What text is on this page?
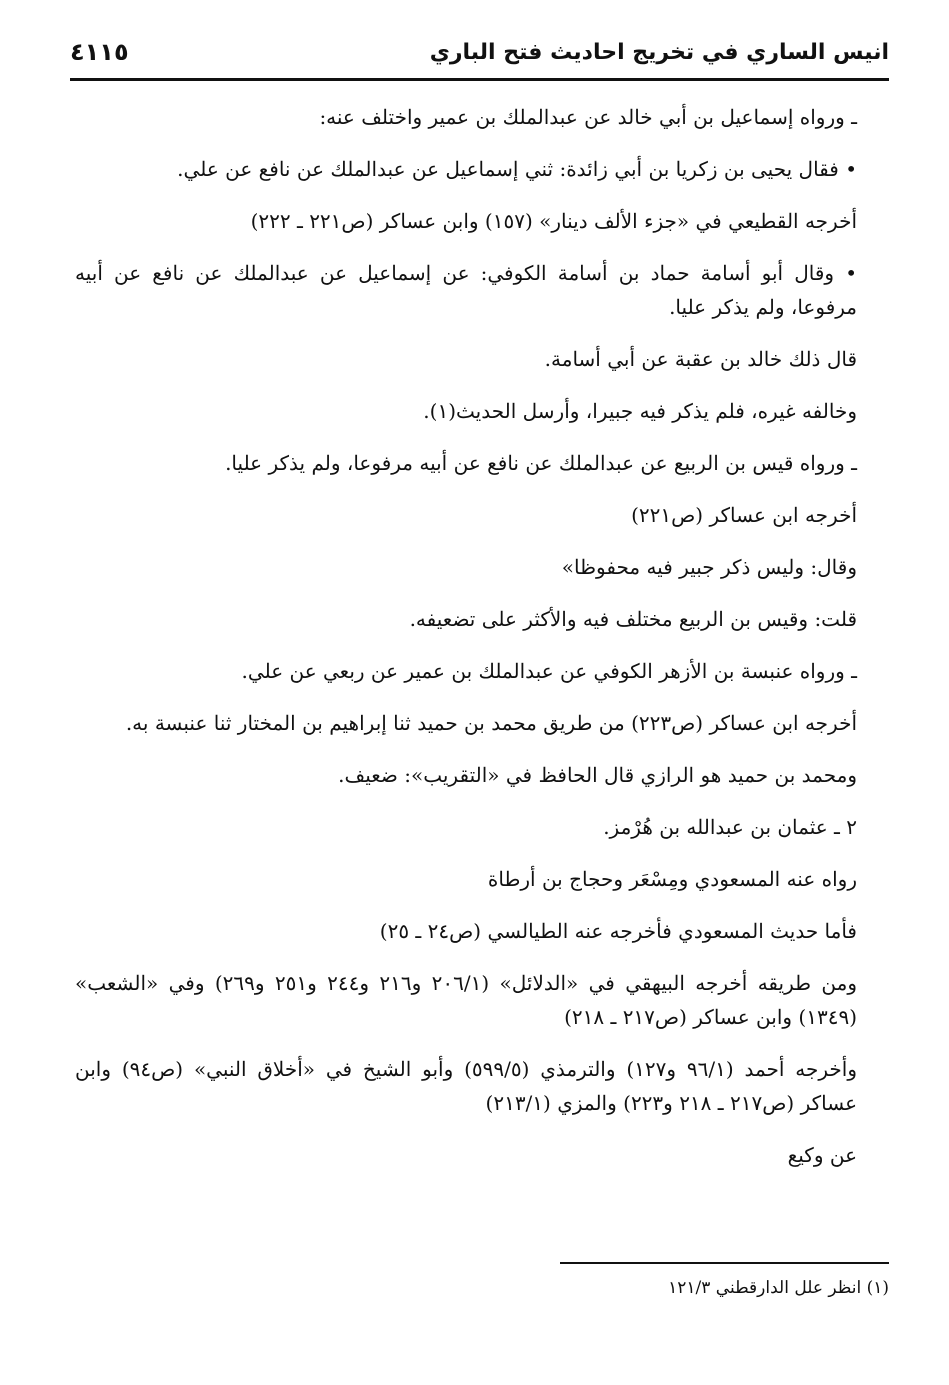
انيس الساري في تخريج احاديث فتح الباري
٤١١٥

ـ ورواه إسماعيل بن أبي خالد عن عبدالملك بن عمير واختلف عنه:

• فقال يحيى بن زكريا بن أبي زائدة: ثني إسماعيل عن عبدالملك عن نافع عن علي.

أخرجه القطيعي في «جزء الألف دينار» (١٥٧) وابن عساكر (ص٢٢١ ـ ٢٢٢)

• وقال أبو أسامة حماد بن أسامة الكوفي: عن إسماعيل عن عبدالملك عن نافع عن أبيه مرفوعا، ولم يذكر عليا.

قال ذلك خالد بن عقبة عن أبي أسامة.

وخالفه غيره، فلم يذكر فيه جبيرا، وأرسل الحديث(١).

ـ ورواه قيس بن الربيع عن عبدالملك عن نافع عن أبيه مرفوعا، ولم يذكر عليا.

أخرجه ابن عساكر (ص٢٢١)

وقال: وليس ذكر جبير فيه محفوظا»

قلت: وقيس بن الربيع مختلف فيه والأكثر على تضعيفه.

ـ ورواه عنبسة بن الأزهر الكوفي عن عبدالملك بن عمير عن ربعي عن علي.

أخرجه ابن عساكر (ص٢٢٣) من طريق محمد بن حميد ثنا إبراهيم بن المختار ثنا عنبسة به.

ومحمد بن حميد هو الرازي قال الحافظ في «التقريب»: ضعيف.

٢ ـ عثمان بن عبدالله بن هُرْمز.

رواه عنه المسعودي ومِسْعَر وحجاج بن أرطاة

فأما حديث المسعودي فأخرجه عنه الطيالسي (ص٢٤ ـ ٢٥)

ومن طريقه أخرجه البيهقي في «الدلائل» (٢٠٦/١ و٢١٦ و٢٤٤ و٢٥١ و٢٦٩) وفي «الشعب» (١٣٤٩) وابن عساكر (ص٢١٧ ـ ٢١٨)

وأخرجه أحمد (٩٦/١ و١٢٧) والترمذي (٥٩٩/٥) وأبو الشيخ في «أخلاق النبي» (ص٩٤) وابن عساكر (ص٢١٧ ـ ٢١٨ و٢٢٣) والمزي (٢١٣/١)

عن وكيع

(١) انظر علل الدارقطني ١٢١/٣
